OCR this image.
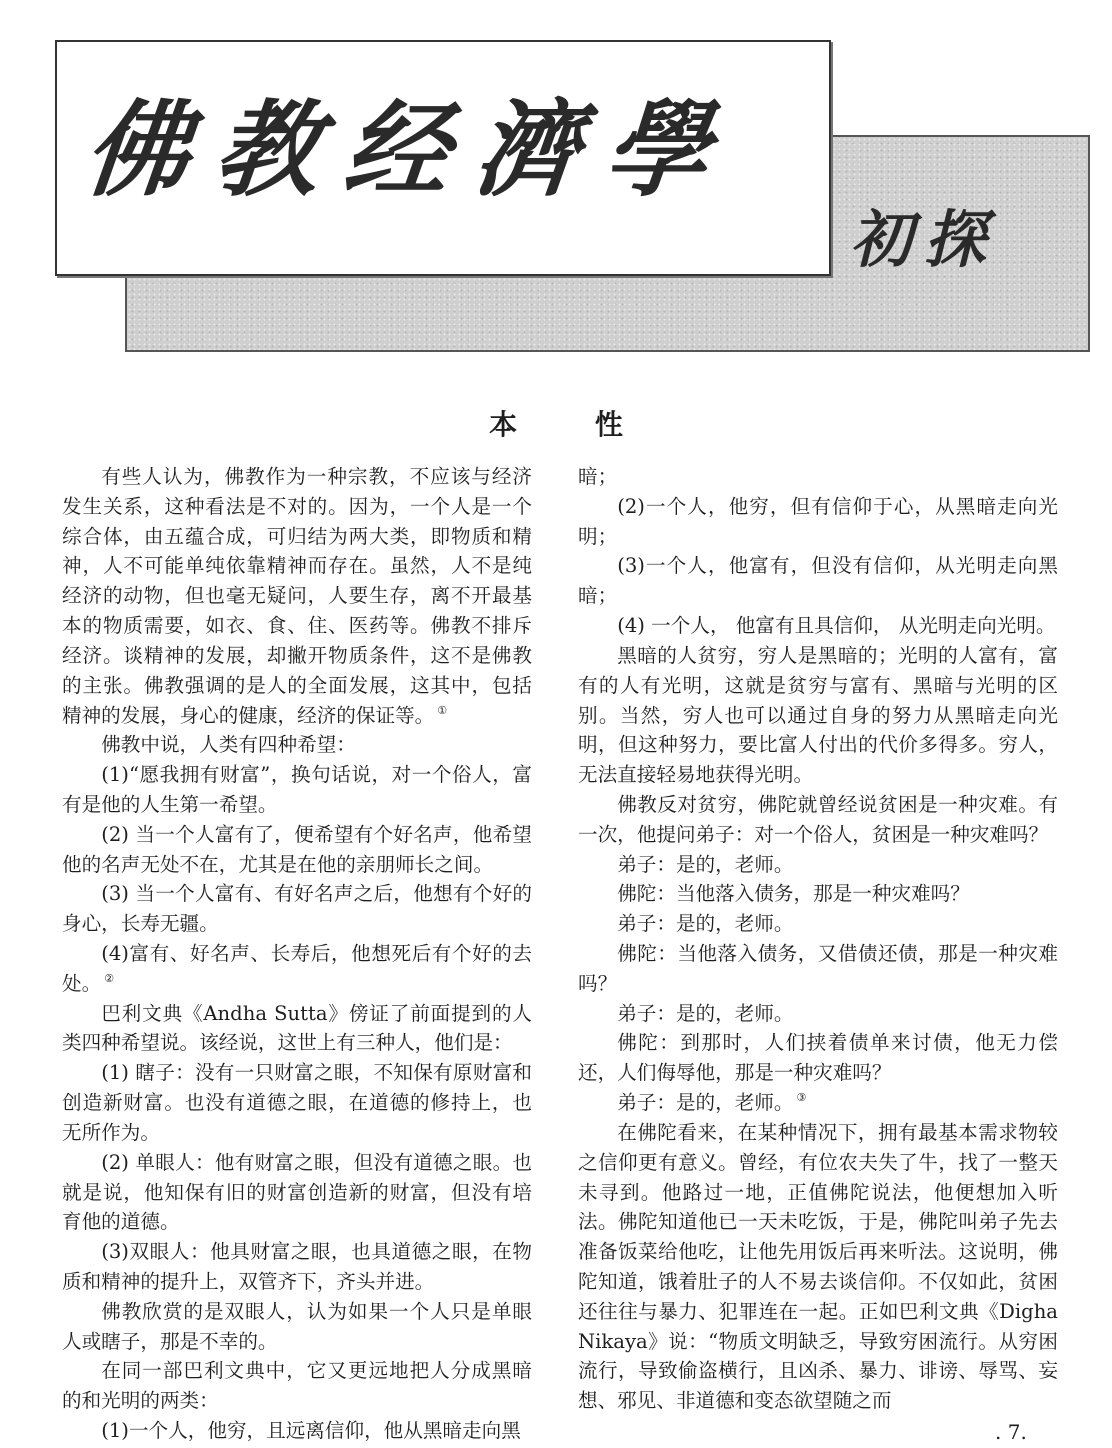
佛教经濟學
初探
本 性

有些人认为，佛教作为一种宗教，不应该与经济发生关系，这种看法是不对的。因为，一个人是一个综合体，由五蕴合成，可归结为两大类，即物质和精神，人不可能单纯依靠精神而存在。虽然，人不是纯经济的动物，但也毫无疑问，人要生存，离不开最基本的物质需要，如衣、食、住、医药等。佛教不排斥经济。谈精神的发展，却撇开物质条件，这不是佛教的主张。佛教强调的是人的全面发展，这其中，包括精神的发展，身心的健康，经济的保证等。 ①

佛教中说，人类有四种希望：

(1)“愿我拥有财富”，换句话说，对一个俗人，富有是他的人生第一希望。

(2) 当一个人富有了，便希望有个好名声，他希望他的名声无处不在，尤其是在他的亲朋师长之间。

(3) 当一个人富有、有好名声之后，他想有个好的身心，长寿无疆。

(4)富有、好名声、长寿后，他想死后有个好的去处。 ②

巴利文典《Andha Sutta》傍证了前面提到的人类四种希望说。该经说，这世上有三种人，他们是：

(1) 瞎子：没有一只财富之眼，不知保有原财富和创造新财富。也没有道德之眼，在道德的修持上，也无所作为。

(2) 单眼人：他有财富之眼，但没有道德之眼。也就是说，他知保有旧的财富创造新的财富，但没有培育他的道德。

(3)双眼人：他具财富之眼，也具道德之眼，在物质和精神的提升上，双管齐下，齐头并进。

佛教欣赏的是双眼人，认为如果一个人只是单眼人或瞎子，那是不幸的。

在同一部巴利文典中，它又更远地把人分成黑暗的和光明的两类：

(1)一个人，他穷，且远离信仰，他从黑暗走向黑

暗；

(2)一个人，他穷，但有信仰于心，从黑暗走向光明；

(3)一个人，他富有，但没有信仰，从光明走向黑暗；

(4) 一个人， 他富有且具信仰， 从光明走向光明。

黑暗的人贫穷，穷人是黑暗的；光明的人富有，富有的人有光明，这就是贫穷与富有、黑暗与光明的区别。当然，穷人也可以通过自身的努力从黑暗走向光明，但这种努力，要比富人付出的代价多得多。穷人，无法直接轻易地获得光明。

佛教反对贫穷，佛陀就曾经说贫困是一种灾难。有一次，他提问弟子：对一个俗人，贫困是一种灾难吗？

弟子：是的，老师。

佛陀：当他落入债务，那是一种灾难吗？

弟子：是的，老师。

佛陀：当他落入债务，又借债还债，那是一种灾难吗？

弟子：是的，老师。

佛陀：到那时，人们挟着债单来讨债，他无力偿还，人们侮辱他，那是一种灾难吗？

弟子：是的，老师。 ③

在佛陀看来，在某种情况下，拥有最基本需求物较之信仰更有意义。曾经，有位农夫失了牛，找了一整天未寻到。他路过一地，正值佛陀说法，他便想加入听法。佛陀知道他已一天未吃饭，于是，佛陀叫弟子先去准备饭菜给他吃，让他先用饭后再来听法。这说明，佛陀知道，饿着肚子的人不易去谈信仰。不仅如此，贫困还往往与暴力、犯罪连在一起。正如巴利文典《Digha Nikaya》说：“物质文明缺乏，导致穷困流行。从穷困流行，导致偷盗横行，且凶杀、暴力、诽谤、辱骂、妄想、邪见、非道德和变态欲望随之而

. 7.
